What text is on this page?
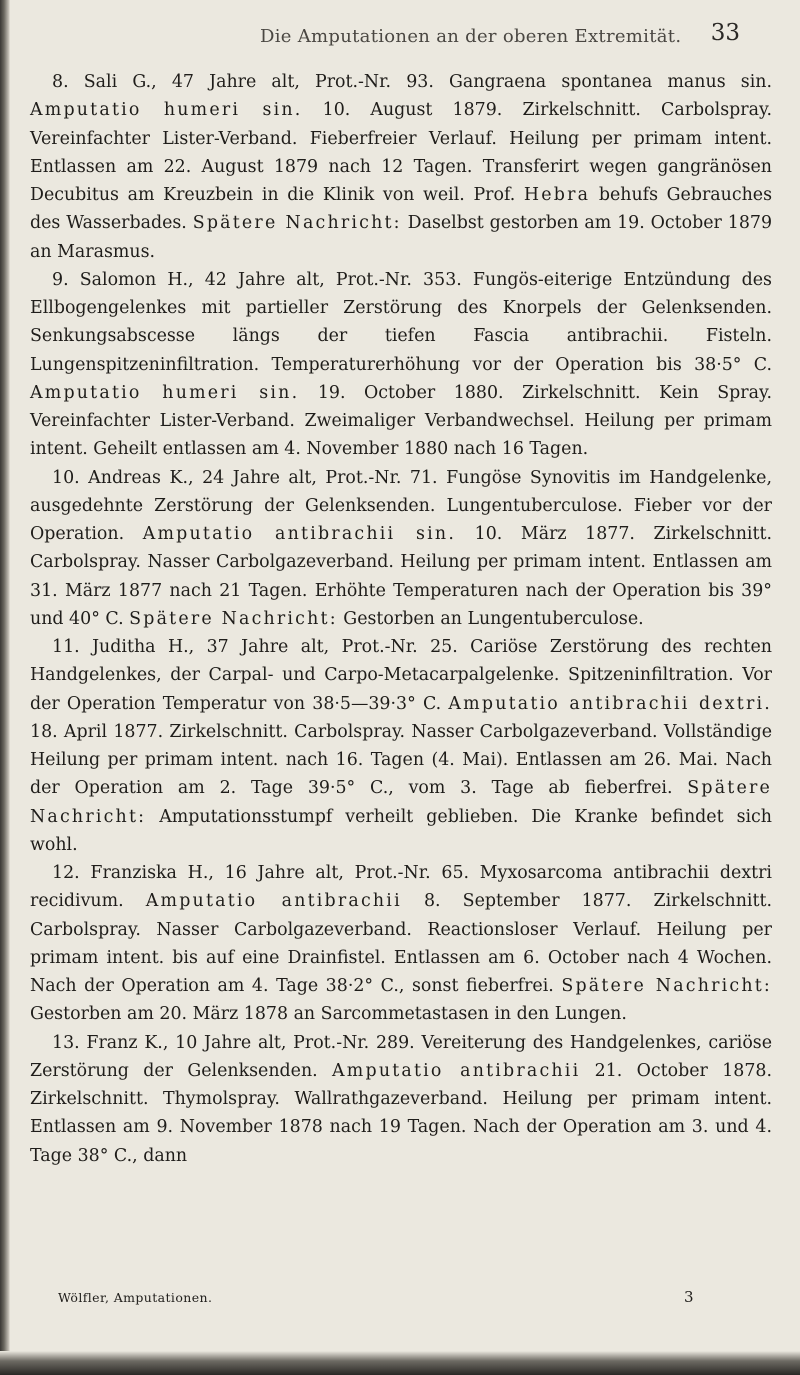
Die Amputationen an der oberen Extremität. 33

8. Sali G., 47 Jahre alt, Prot.-Nr. 93. Gangraena spontanea manus sin. Amputatio humeri sin. 10. August 1879. Zirkelschnitt. Carbolspray. Vereinfachter Lister-Verband. Fieberfreier Verlauf. Heilung per primam intent. Entlassen am 22. August 1879 nach 12 Tagen. Transferirt wegen gangränösen Decubitus am Kreuzbein in die Klinik von weil. Prof. Hebra behufs Gebrauches des Wasserbades. Spätere Nachricht: Daselbst gestorben am 19. October 1879 an Marasmus.

9. Salomon H., 42 Jahre alt, Prot.-Nr. 353. Fungös-eiterige Entzündung des Ellbogengelenkes mit partieller Zerstörung des Knorpels der Gelenksenden. Senkungsabscesse längs der tiefen Fascia antibrachii. Fisteln. Lungenspitzeninfiltration. Temperaturerhöhung vor der Operation bis 38·5° C. Amputatio humeri sin. 19. October 1880. Zirkelschnitt. Kein Spray. Vereinfachter Lister-Verband. Zweimaliger Verbandwechsel. Heilung per primam intent. Geheilt entlassen am 4. November 1880 nach 16 Tagen.

10. Andreas K., 24 Jahre alt, Prot.-Nr. 71. Fungöse Synovitis im Handgelenke, ausgedehnte Zerstörung der Gelenksenden. Lungentuberculose. Fieber vor der Operation. Amputatio antibrachii sin. 10. März 1877. Zirkelschnitt. Carbolspray. Nasser Carbolgazeverband. Heilung per primam intent. Entlassen am 31. März 1877 nach 21 Tagen. Erhöhte Temperaturen nach der Operation bis 39° und 40° C. Spätere Nachricht: Gestorben an Lungentuberculose.

11. Juditha H., 37 Jahre alt, Prot.-Nr. 25. Cariöse Zerstörung des rechten Handgelenkes, der Carpal- und Carpo-Metacarpalgelenke. Spitzeninfiltration. Vor der Operation Temperatur von 38·5—39·3° C. Amputatio antibrachii dextri. 18. April 1877. Zirkelschnitt. Carbolspray. Nasser Carbolgazeverband. Vollständige Heilung per primam intent. nach 16. Tagen (4. Mai). Entlassen am 26. Mai. Nach der Operation am 2. Tage 39·5° C., vom 3. Tage ab fieberfrei. Spätere Nachricht: Amputationsstumpf verheilt geblieben. Die Kranke befindet sich wohl.

12. Franziska H., 16 Jahre alt, Prot.-Nr. 65. Myxosarcoma antibrachii dextri recidivum. Amputatio antibrachii 8. September 1877. Zirkelschnitt. Carbolspray. Nasser Carbolgazeverband. Reactionsloser Verlauf. Heilung per primam intent. bis auf eine Drainfistel. Entlassen am 6. October nach 4 Wochen. Nach der Operation am 4. Tage 38·2° C., sonst fieberfrei. Spätere Nachricht: Gestorben am 20. März 1878 an Sarcommetastasen in den Lungen.

13. Franz K., 10 Jahre alt, Prot.-Nr. 289. Vereiterung des Handgelenkes, cariöse Zerstörung der Gelenksenden. Amputatio antibrachii 21. October 1878. Zirkelschnitt. Thymolspray. Wallrathgazeverband. Heilung per primam intent. Entlassen am 9. November 1878 nach 19 Tagen. Nach der Operation am 3. und 4. Tage 38° C., dann

Wölfler, Amputationen.	3
